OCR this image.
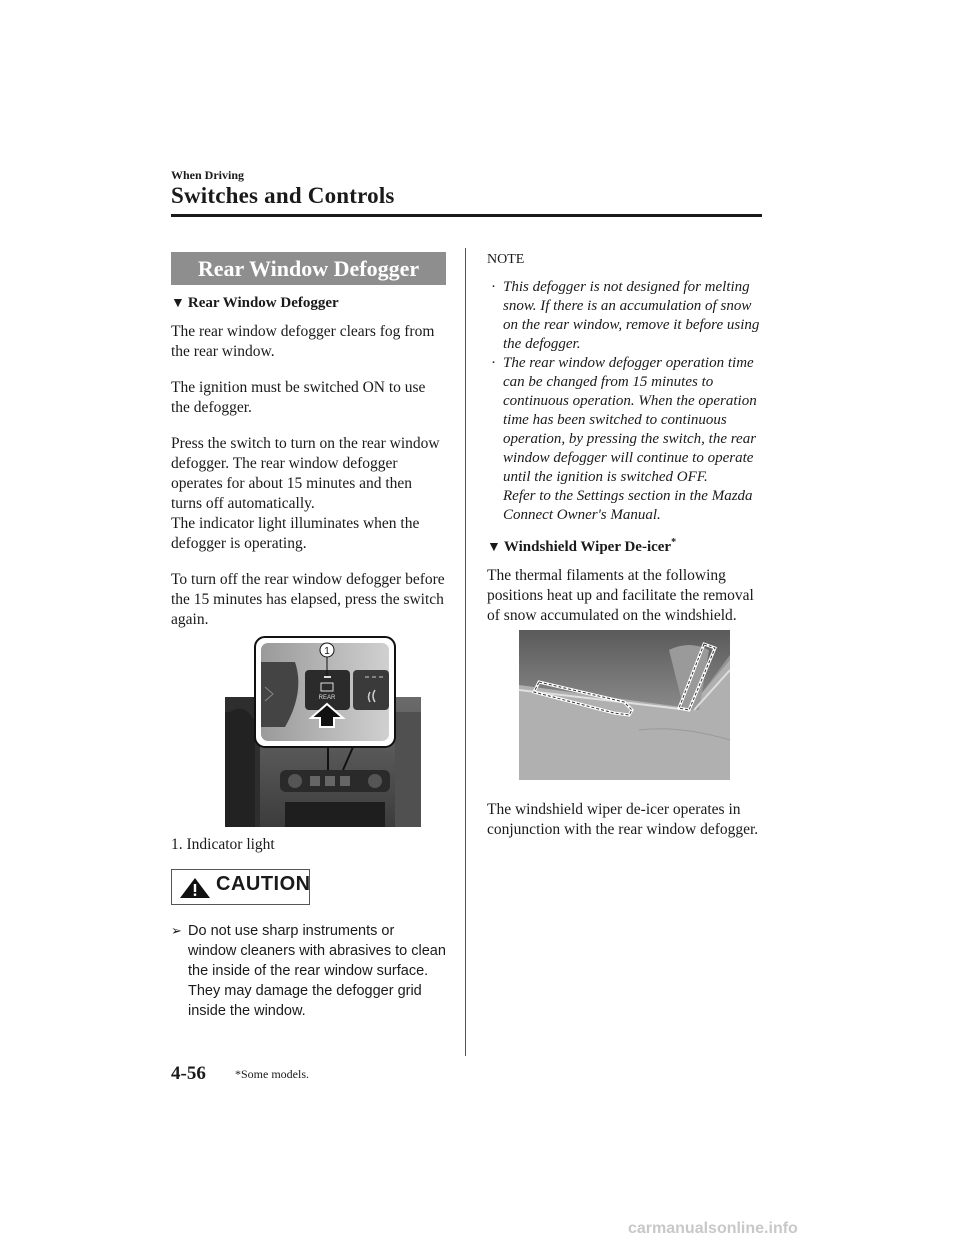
When Driving
Switches and Controls
Rear Window Defogger
▼ Rear Window Defogger

The rear window defogger clears fog from the rear window.

The ignition must be switched ON to use the defogger.

Press the switch to turn on the rear window defogger. The rear window defogger operates for about 15 minutes and then turns off automatically.

The indicator light illuminates when the defogger is operating.

To turn off the rear window defogger before the 15 minutes has elapsed, press the switch again.

1
REAR

1. Indicator light

CAUTION

➢ Do not use sharp instruments or window cleaners with abrasives to clean the inside of the rear window surface. They may damage the defogger grid inside the window.

NOTE

· This defogger is not designed for melting snow. If there is an accumulation of snow on the rear window, remove it before using the defogger.
· The rear window defogger operation time can be changed from 15 minutes to continuous operation. When the operation time has been switched to continuous operation, by pressing the switch, the rear window defogger will continue to operate until the ignition is switched OFF.
Refer to the Settings section in the Mazda Connect Owner's Manual.
▼ Windshield Wiper De-icer*

The thermal filaments at the following positions heat up and facilitate the removal of snow accumulated on the windshield.

The windshield wiper de-icer operates in conjunction with the rear window defogger.

4-56 *Some models.
carmanualsonline.info
